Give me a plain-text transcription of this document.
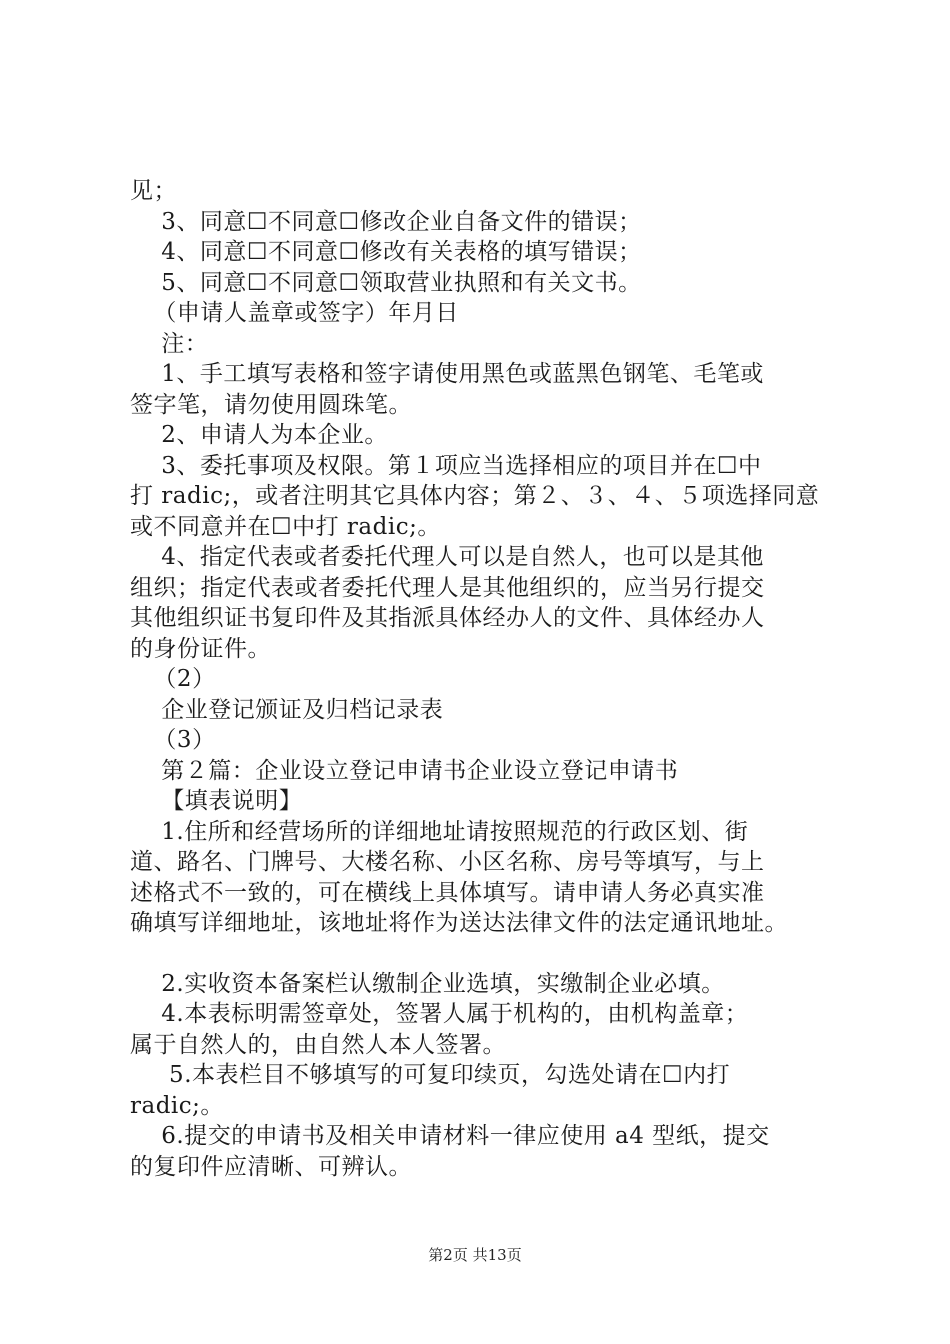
见；
3、同意☐不同意☐修改企业自备文件的错误；
4、同意☐不同意☐修改有关表格的填写错误；
5、同意☐不同意☐领取营业执照和有关文书。
（申请人盖章或签字）年月日
注：
1、手工填写表格和签字请使用黑色或蓝黑色钢笔、毛笔或
签字笔，请勿使用圆珠笔。
2、申请人为本企业。
3、委托事项及权限。第１项应当选择相应的项目并在☐中
打 radic;，或者注明其它具体内容；第２、３、４、５项选择同意
或不同意并在☐中打 radic;。
4、指定代表或者委托代理人可以是自然人，也可以是其他
组织；指定代表或者委托代理人是其他组织的，应当另行提交
其他组织证书复印件及其指派具体经办人的文件、具体经办人
的身份证件。
（2）
企业登记颁证及归档记录表
（3）
第２篇：企业设立登记申请书企业设立登记申请书
【填表说明】
1.住所和经营场所的详细地址请按照规范的行政区划、街
道、路名、门牌号、大楼名称、小区名称、房号等填写，与上
述格式不一致的，可在横线上具体填写。请申请人务必真实准
确填写详细地址，该地址将作为送达法律文件的法定通讯地址。
2.实收资本备案栏认缴制企业选填，实缴制企业必填。
4.本表标明需签章处，签署人属于机构的，由机构盖章；
属于自然人的，由自然人本人签署。
5.本表栏目不够填写的可复印续页，勾选处请在☐内打
radic;。
6.提交的申请书及相关申请材料一律应使用 a4 型纸，提交
的复印件应清晰、可辨认。
第2页 共13页
